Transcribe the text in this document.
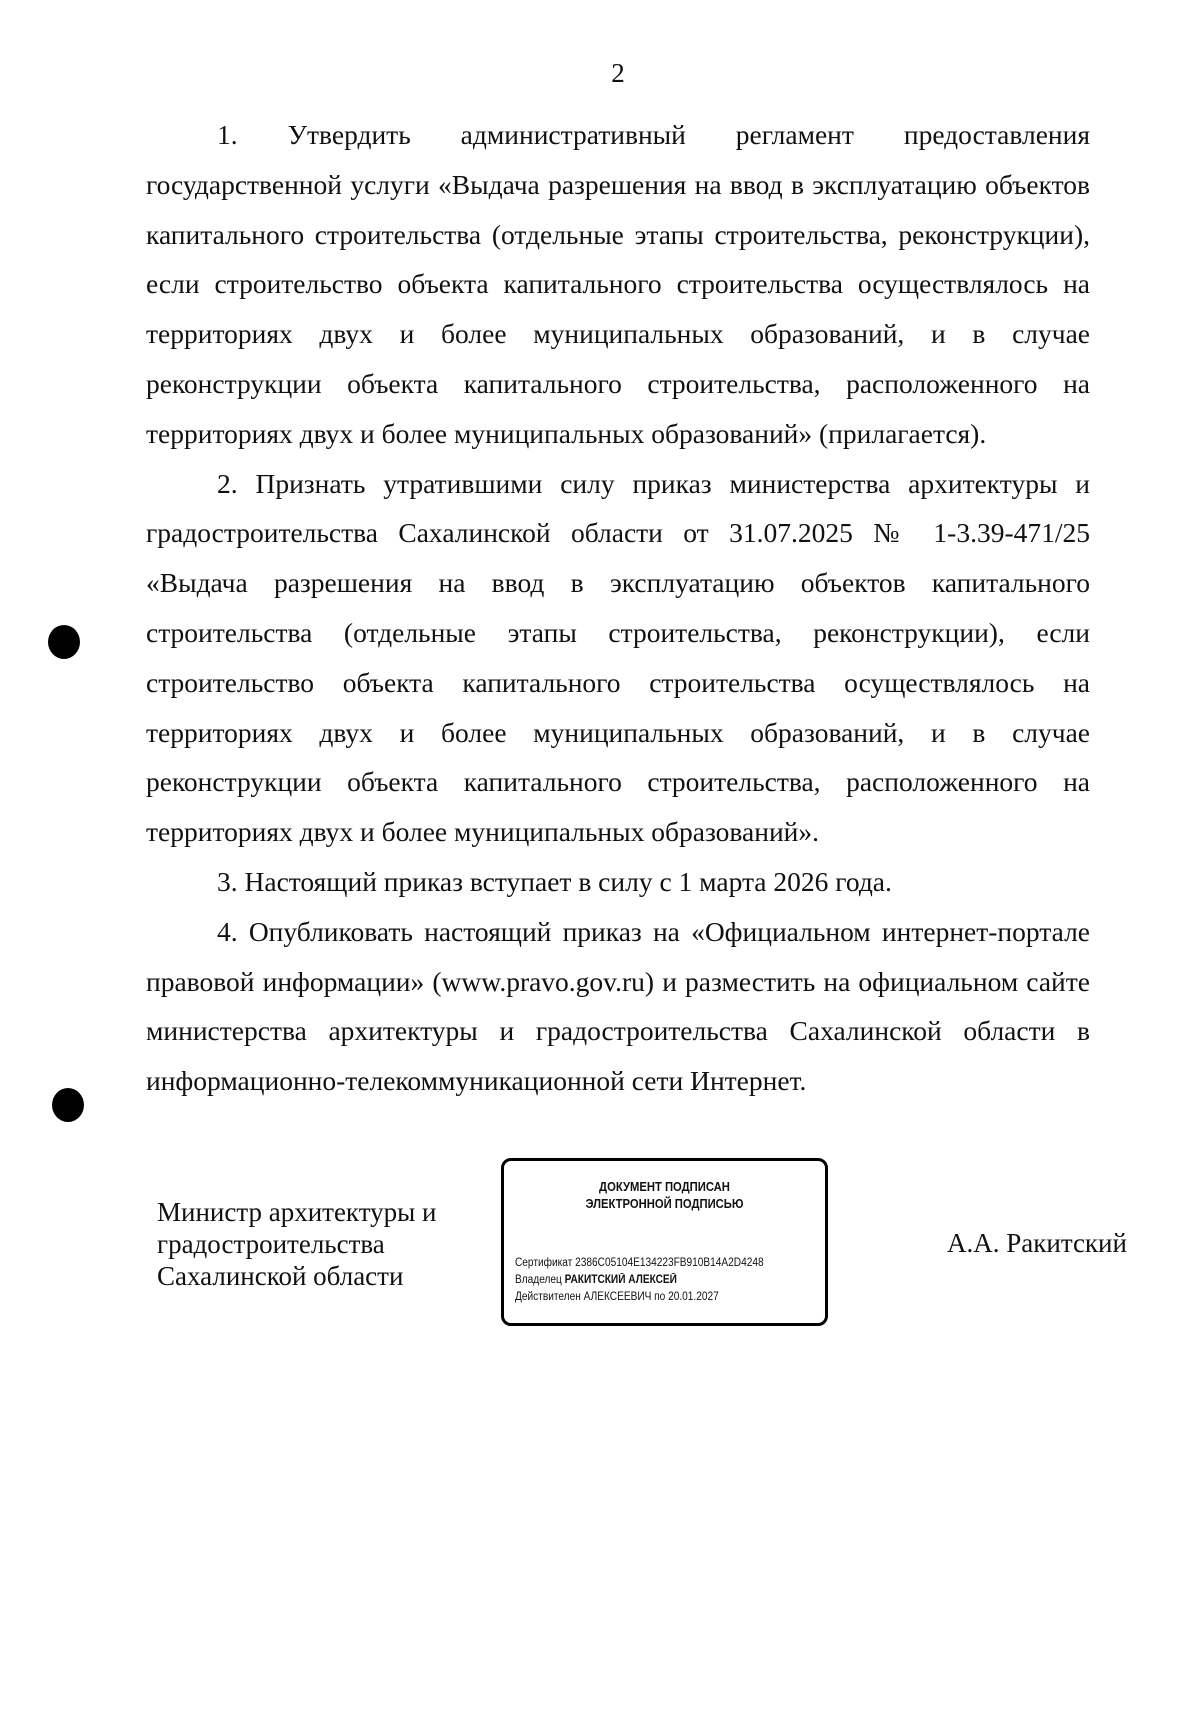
2

1. Утвердить административный регламент предоставления государственной услуги «Выдача разрешения на ввод в эксплуатацию объектов капитального строительства (отдельные этапы строительства, реконструкции), если строительство объекта капитального строительства осуществлялось на территориях двух и более муниципальных образований, и в случае реконструкции объекта капитального строительства, расположенного на территориях двух и более муниципальных образований» (прилагается).

2. Признать утратившими силу приказ министерства архитектуры и градостроительства Сахалинской области от 31.07.2025 № 1-3.39-471/25 «Выдача разрешения на ввод в эксплуатацию объектов капитального строительства (отдельные этапы строительства, реконструкции), если строительство объекта капитального строительства осуществлялось на территориях двух и более муниципальных образований, и в случае реконструкции объекта капитального строительства, расположенного на территориях двух и более муниципальных образований».

3. Настоящий приказ вступает в силу с 1 марта 2026 года.

4. Опубликовать настоящий приказ на «Официальном интернет-портале правовой информации» (www.pravo.gov.ru) и разместить на официальном сайте министерства архитектуры и градостроительства Сахалинской области в информационно-телекоммуникационной сети Интернет.

Министр архитектуры и
градостроительства
Сахалинской области
ДОКУМЕНТ ПОДПИСАН
ЭЛЕКТРОННОЙ ПОДПИСЬЮ
Сертификат 2386C05104E134223FB910B14A2D4248
Владелец РАКИТСКИЙ АЛЕКСЕЙ
Действителен АЛЕКСЕЕВИЧ по 20.01.2027
А.А. Ракитский
